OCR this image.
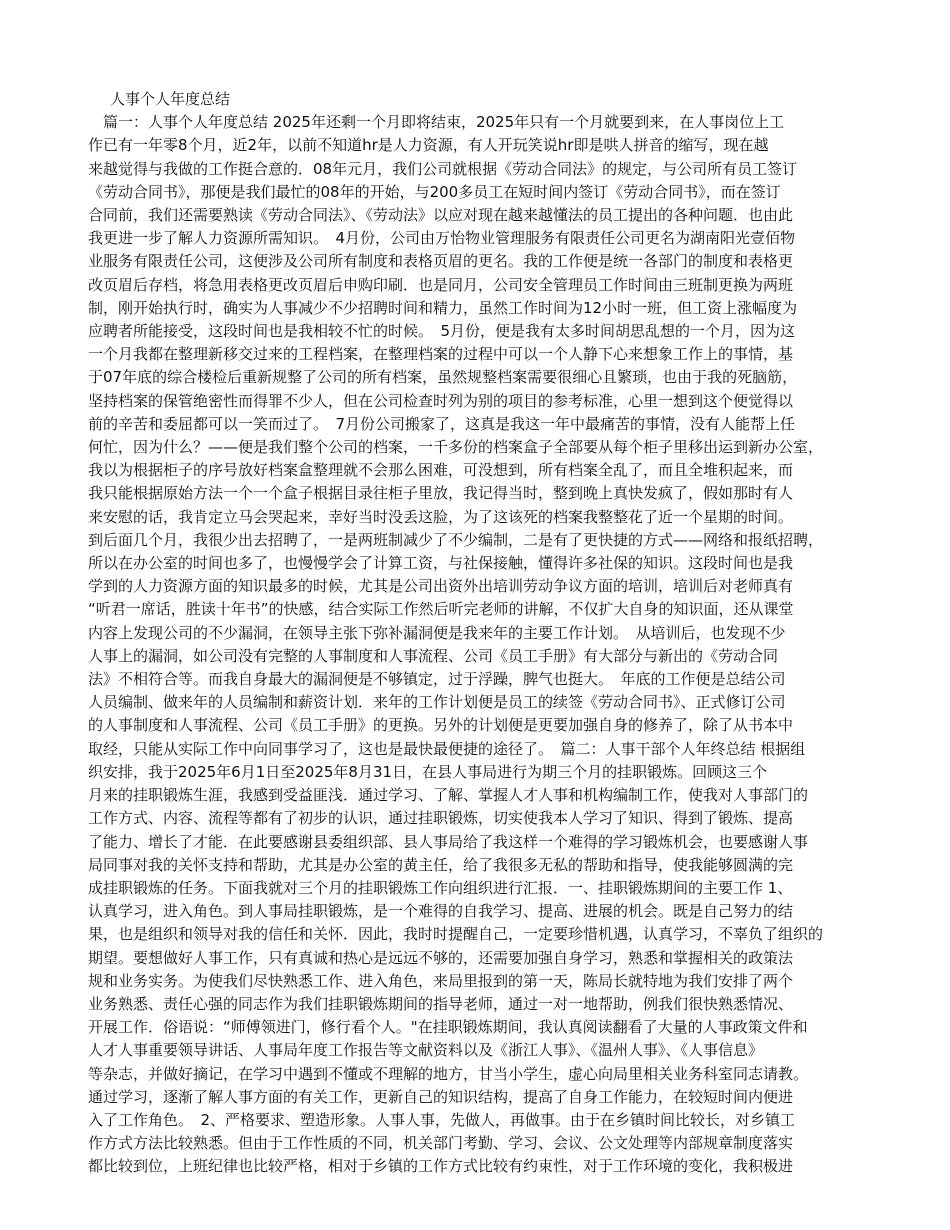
人事个人年度总结
　篇一：人事个人年度总结 2025年还剩一个月即将结束，2025年只有一个月就要到来，在人事岗位上工
作已有一年零8个月，近2年，以前不知道hr是人力资源，有人开玩笑说hr即是哄人拼音的缩写，现在越
来越觉得与我做的工作挺合意的．08年元月，我们公司就根据《劳动合同法》的规定，与公司所有员工签订
《劳动合同书》，那便是我们最忙的08年的开始，与200多员工在短时间内签订《劳动合同书》，而在签订
合同前，我们还需要熟读《劳动合同法》、《劳动法》以应对现在越来越懂法的员工提出的各种问题．也由此
我更进一步了解人力资源所需知识。　4月份，公司由万怡物业管理服务有限责任公司更名为湖南阳光壹佰物
业服务有限责任公司，这便涉及公司所有制度和表格页眉的更名。我的工作便是统一各部门的制度和表格更
改页眉后存档，将急用表格更改页眉后申购印刷．也是同月，公司安全管理员工作时间由三班制更换为两班
制，刚开始执行时，确实为人事减少不少招聘时间和精力，虽然工作时间为12小时一班，但工资上涨幅度为
应聘者所能接受，这段时间也是我相较不忙的时候。　5月份，便是我有太多时间胡思乱想的一个月，因为这
一个月我都在整理新移交过来的工程档案，在整理档案的过程中可以一个人静下心来想象工作上的事情，基
于07年底的综合楼检后重新规整了公司的所有档案，虽然规整档案需要很细心且繁琐，也由于我的死脑筋，
坚持档案的保管绝密性而得罪不少人，但在公司检查时列为别的项目的参考标准，心里一想到这个便觉得以
前的辛苦和委屈都可以一笑而过了。　7月份公司搬家了，这真是我这一年中最痛苦的事情，没有人能帮上任
何忙，因为什么？——便是我们整个公司的档案，一千多份的档案盒子全部要从每个柜子里移出运到新办公室，
我以为根据柜子的序号放好档案盒整理就不会那么困难，可没想到，所有档案全乱了，而且全堆积起来，而
我只能根据原始方法一个一个盒子根据目录往柜子里放，我记得当时，整到晚上真快发疯了，假如那时有人
来安慰的话，我肯定立马会哭起来，幸好当时没丢这脸，为了这该死的档案我整整花了近一个星期的时间。
到后面几个月，我很少出去招聘了，一是两班制减少了不少编制，二是有了更快捷的方式——网络和报纸招聘，
所以在办公室的时间也多了，也慢慢学会了计算工资，与社保接触，懂得许多社保的知识。这段时间也是我
学到的人力资源方面的知识最多的时候，尤其是公司出资外出培训劳动争议方面的培训，培训后对老师真有
“听君一席话，胜读十年书”的快感，结合实际工作然后听完老师的讲解，不仅扩大自身的知识面，还从课堂
内容上发现公司的不少漏洞，在领导主张下弥补漏洞便是我来年的主要工作计划。　从培训后，也发现不少
人事上的漏洞，如公司没有完整的人事制度和人事流程、公司《员工手册》有大部分与新出的《劳动合同
法》不相符合等。而我自身最大的漏洞便是不够镇定，过于浮躁，脾气也挺大。　年底的工作便是总结公司
人员编制、做来年的人员编制和薪资计划．来年的工作计划便是员工的续签《劳动合同书》、正式修订公司
的人事制度和人事流程、公司《员工手册》的更换。另外的计划便是更要加强自身的修养了，除了从书本中
取经，只能从实际工作中向同事学习了，这也是最快最便捷的途径了。　篇二：人事干部个人年终总结 根据组
织安排，我于2025年6月1日至2025年8月31日，在县人事局进行为期三个月的挂职锻炼。回顾这三个
月来的挂职锻炼生涯，我感到受益匪浅．通过学习、了解、掌握人才人事和机构编制工作，使我对人事部门的
工作方式、内容、流程等都有了初步的认识，通过挂职锻炼，切实使我本人学习了知识、得到了锻炼、提高
了能力、增长了才能．在此要感谢县委组织部、县人事局给了我这样一个难得的学习锻炼机会，也要感谢人事
局同事对我的关怀支持和帮助，尤其是办公室的黄主任，给了我很多无私的帮助和指导，使我能够圆满的完
成挂职锻炼的任务。下面我就对三个月的挂职锻炼工作向组织进行汇报．一、挂职锻炼期间的主要工作 1、
认真学习，进入角色。到人事局挂职锻炼，是一个难得的自我学习、提高、进展的机会。既是自己努力的结
果，也是组织和领导对我的信任和关怀．因此，我时时提醒自己，一定要珍惜机遇，认真学习，不辜负了组织的
期望。要想做好人事工作，只有真诚和热心是远远不够的，还需要加强自身学习，熟悉和掌握相关的政策法
规和业务实务。为使我们尽快熟悉工作、进入角色，来局里报到的第一天，陈局长就特地为我们安排了两个
业务熟悉、责任心强的同志作为我们挂职锻炼期间的指导老师，通过一对一地帮助，例我们很快熟悉情况、
开展工作．俗语说：“师傅领进门，修行看个人。"在挂职锻炼期间，我认真阅读翻看了大量的人事政策文件和
人才人事重要领导讲话、人事局年度工作报告等文献资料以及《浙江人事》、《温州人事》、《人事信息》
等杂志，并做好摘记，在学习中遇到不懂或不理解的地方，甘当小学生，虚心向局里相关业务科室同志请教。
通过学习，逐渐了解人事方面的有关工作，更新自己的知识结构，提高了自身工作能力，在较短时间内便进
入了工作角色。　2、严格要求、塑造形象。人事人事，先做人，再做事。由于在乡镇时间比较长，对乡镇工
作方式方法比较熟悉。但由于工作性质的不同，机关部门考勤、学习、会议、公文处理等内部规章制度落实
都比较到位，上班纪律也比较严格，相对于乡镇的工作方式比较有约束性，对于工作环境的变化，我积极进
